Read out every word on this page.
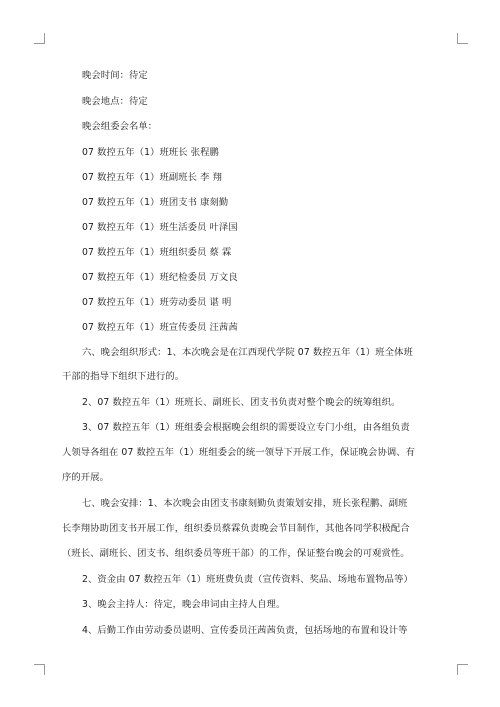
晚会时间：待定
晚会地点：待定
晚会组委会名单：
07 数控五年（1）班班长 张程鹏
07 数控五年（1）班副班长 李 翔
07 数控五年（1）班团支书 康刻勤
07 数控五年（1）班生活委员 叶泽国
07 数控五年（1）班组织委员 蔡 霖
07 数控五年（1）班纪检委员 万文良
07 数控五年（1）班劳动委员 谌 明
07 数控五年（1）班宣传委员 汪茜茜
六、晚会组织形式：1、本次晚会是在江西现代学院 07 数控五年（1）班全体班
干部的指导下组织下进行的。
2、07 数控五年（1）班班长、副班长、团支书负责对整个晚会的统筹组织。
3、07 数控五年（1）班组委会根据晚会组织的需要设立专门小组，由各组负责
人领导各组在 07 数控五年（1）班组委会的统一领导下开展工作，保证晚会协调、有
序的开展。
七、晚会安排：1、本次晚会由团支书康刻勤负责策划安排，班长张程鹏、副班
长李翔协助团支书开展工作，组织委员蔡霖负责晚会节目制作，其他各同学积极配合
（班长、副班长、团支书、组织委员等班干部）的工作，保证整台晚会的可观赏性。
2、资金由 07 数控五年（1）班班费负责（宣传资料、奖品、场地布置物品等）
3、晚会主持人：待定，晚会串词由主持人自理。
4、后勤工作由劳动委员谌明、宣传委员汪茜茜负责，包括场地的布置和设计等
